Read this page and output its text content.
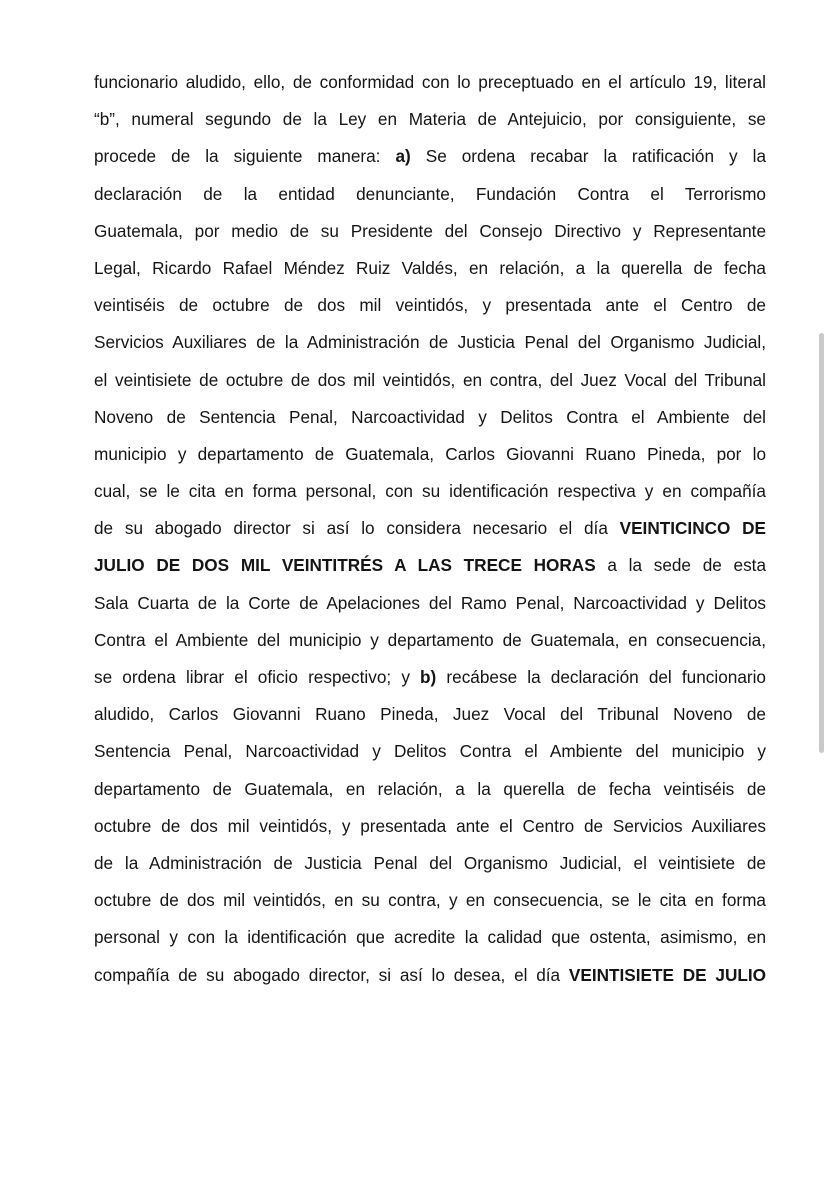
funcionario aludido, ello, de conformidad con lo preceptuado en el artículo 19, literal
“b”, numeral segundo de la Ley en Materia de Antejuicio, por consiguiente, se
procede de la siguiente manera: a) Se ordena recabar la ratificación y la
declaración de la entidad denunciante, Fundación Contra el Terrorismo
Guatemala, por medio de su Presidente del Consejo Directivo y Representante
Legal, Ricardo Rafael Méndez Ruiz Valdés, en relación, a la querella de fecha
veintiséis de octubre de dos mil veintidós, y presentada ante el Centro de
Servicios Auxiliares de la Administración de Justicia Penal del Organismo Judicial,
el veintisiete de octubre de dos mil veintidós, en contra, del Juez Vocal del Tribunal
Noveno de Sentencia Penal, Narcoactividad y Delitos Contra el Ambiente del
municipio y departamento de Guatemala, Carlos Giovanni Ruano Pineda, por lo
cual, se le cita en forma personal, con su identificación respectiva y en compañía
de su abogado director si así lo considera necesario el día VEINTICINCO DE
JULIO DE DOS MIL VEINTITRÉS A LAS TRECE HORAS a la sede de esta
Sala Cuarta de la Corte de Apelaciones del Ramo Penal, Narcoactividad y Delitos
Contra el Ambiente del municipio y departamento de Guatemala, en consecuencia,
se ordena librar el oficio respectivo; y b) recábese la declaración del funcionario
aludido, Carlos Giovanni Ruano Pineda, Juez Vocal del Tribunal Noveno de
Sentencia Penal, Narcoactividad y Delitos Contra el Ambiente del municipio y
departamento de Guatemala, en relación, a la querella de fecha veintiséis de
octubre de dos mil veintidós, y presentada ante el Centro de Servicios Auxiliares
de la Administración de Justicia Penal del Organismo Judicial, el veintisiete de
octubre de dos mil veintidós, en su contra, y en consecuencia, se le cita en forma
personal y con la identificación que acredite la calidad que ostenta, asimismo, en
compañía de su abogado director, si así lo desea, el día VEINTISIETE DE JULIO
